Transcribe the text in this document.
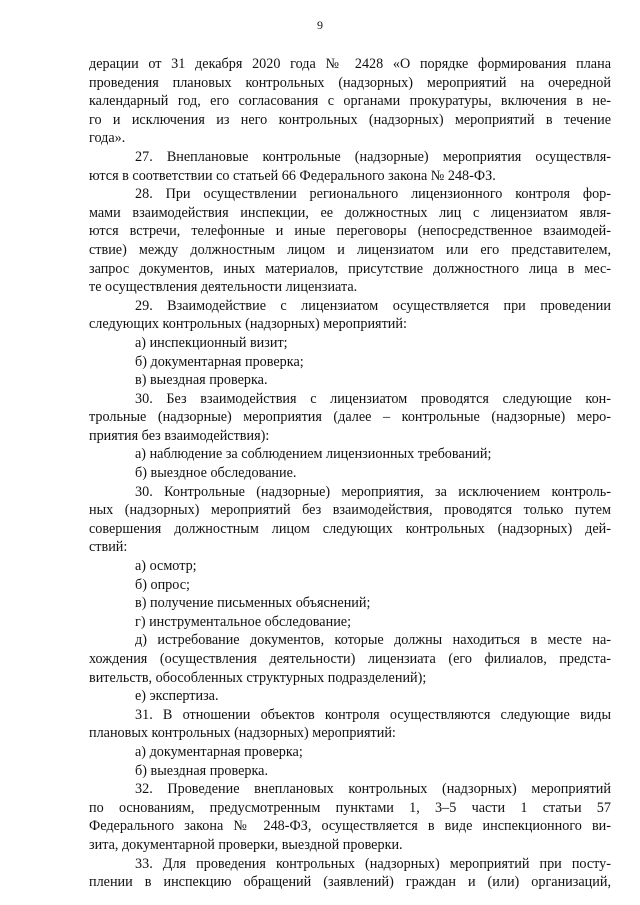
9
дерации от 31 декабря 2020 года № 2428 «О порядке формирования плана
проведения плановых контрольных (надзорных) мероприятий на очередной
календарный год, его согласования с органами прокуратуры, включения в не-
го и исключения из него контрольных (надзорных) мероприятий в течение
года».
27. Внеплановые контрольные (надзорные) мероприятия осуществля-
ются в соответствии со статьей 66 Федерального закона № 248-ФЗ.
28. При осуществлении регионального лицензионного контроля фор-
мами взаимодействия инспекции, ее должностных лиц с лицензиатом явля-
ются встречи, телефонные и иные переговоры (непосредственное взаимодей-
ствие) между должностным лицом и лицензиатом или его представителем,
запрос документов, иных материалов, присутствие должностного лица в мес-
те осуществления деятельности лицензиата.
29. Взаимодействие с лицензиатом осуществляется при проведении
следующих контрольных (надзорных) мероприятий:
а) инспекционный визит;
б) документарная проверка;
в) выездная проверка.
30. Без взаимодействия с лицензиатом проводятся следующие кон-
трольные (надзорные) мероприятия (далее – контрольные (надзорные) меро-
приятия без взаимодействия):
а) наблюдение за соблюдением лицензионных требований;
б) выездное обследование.
30. Контрольные (надзорные) мероприятия, за исключением контроль-
ных (надзорных) мероприятий без взаимодействия, проводятся только путем
совершения должностным лицом следующих контрольных (надзорных) дей-
ствий:
а) осмотр;
б) опрос;
в) получение письменных объяснений;
г) инструментальное обследование;
д) истребование документов, которые должны находиться в месте на-
хождения (осуществления деятельности) лицензиата (его филиалов, предста-
вительств, обособленных структурных подразделений);
е) экспертиза.
31. В отношении объектов контроля осуществляются следующие виды
плановых контрольных (надзорных) мероприятий:
а) документарная проверка;
б) выездная проверка.
32. Проведение внеплановых контрольных (надзорных) мероприятий
по основаниям, предусмотренным пунктами 1, 3–5 части 1 статьи 57
Федерального закона № 248-ФЗ, осуществляется в виде инспекционного ви-
зита, документарной проверки, выездной проверки.
33. Для проведения контрольных (надзорных) мероприятий при посту-
плении в инспекцию обращений (заявлений) граждан и (или) организаций,
